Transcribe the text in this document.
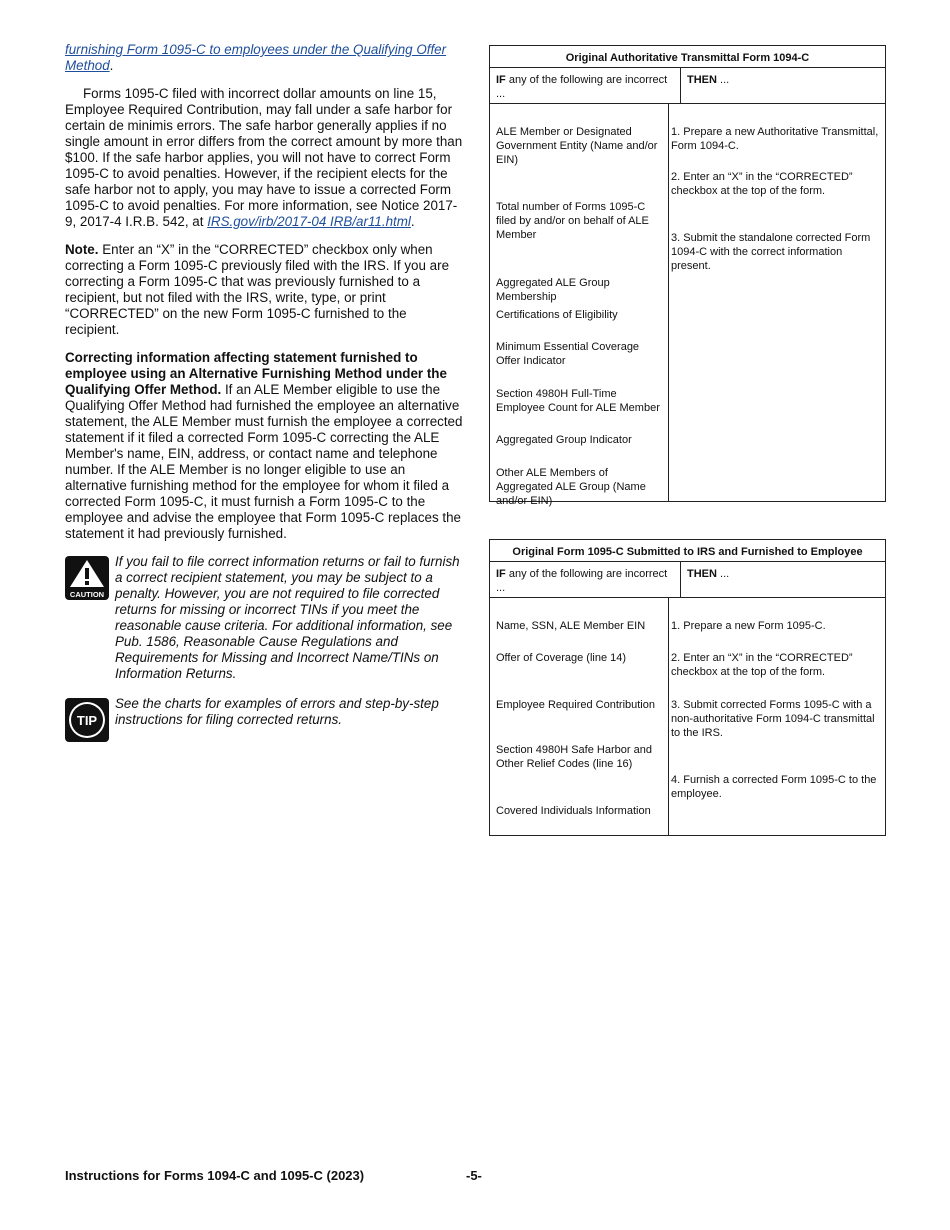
furnishing Form 1095-C to employees under the Qualifying Offer Method.

Forms 1095-C filed with incorrect dollar amounts on line 15, Employee Required Contribution, may fall under a safe harbor for certain de minimis errors. The safe harbor generally applies if no single amount in error differs from the correct amount by more than $100. If the safe harbor applies, you will not have to correct Form 1095-C to avoid penalties. However, if the recipient elects for the safe harbor not to apply, you may have to issue a corrected Form 1095-C to avoid penalties. For more information, see Notice 2017-9, 2017-4 I.R.B. 542, at IRS.gov/irb/2017-04 IRB/ar11.html.

Note. Enter an “X” in the “CORRECTED” checkbox only when correcting a Form 1095-C previously filed with the IRS. If you are correcting a Form 1095-C that was previously furnished to a recipient, but not filed with the IRS, write, type, or print “CORRECTED” on the new Form 1095-C furnished to the recipient.

Correcting information affecting statement furnished to employee using an Alternative Furnishing Method under the Qualifying Offer Method. If an ALE Member eligible to use the Qualifying Offer Method had furnished the employee an alternative statement, the ALE Member must furnish the employee a corrected statement if it filed a corrected Form 1095-C correcting the ALE Member's name, EIN, address, or contact name and telephone number. If the ALE Member is no longer eligible to use an alternative furnishing method for the employee for whom it filed a corrected Form 1095-C, it must furnish a Form 1095-C to the employee and advise the employee that Form 1095-C replaces the statement it had previously furnished.

CAUTION
If you fail to file correct information returns or fail to furnish a correct recipient statement, you may be subject to a penalty. However, you are not required to file corrected returns for missing or incorrect TINs if you meet the reasonable cause criteria. For additional information, see Pub. 1586, Reasonable Cause Regulations and Requirements for Missing and Incorrect Name/TINs on Information Returns.
TIP
See the charts for examples of errors and step-by-step instructions for filing corrected returns.
Original Authoritative Transmittal Form 1094-C
IF any of the following are incorrect ...
THEN ...
ALE Member or Designated Government Entity (Name and/or EIN)
Total number of Forms 1095-C filed by and/or on behalf of ALE Member
Aggregated ALE Group Membership
Certifications of Eligibility
Minimum Essential Coverage Offer Indicator
Section 4980H Full-Time Employee Count for ALE Member
Aggregated Group Indicator
Other ALE Members of Aggregated ALE Group (Name and/or EIN)
1. Prepare a new Authoritative Transmittal, Form 1094-C.
2. Enter an “X” in the “CORRECTED” checkbox at the top of the form.
3. Submit the standalone corrected Form 1094-C with the correct information present.
Original Form 1095-C Submitted to IRS and Furnished to Employee
IF any of the following are incorrect ...
THEN ...
Name, SSN, ALE Member EIN
Offer of Coverage (line 14)
Employee Required Contribution
Section 4980H Safe Harbor and Other Relief Codes (line 16)
Covered Individuals Information
1. Prepare a new Form 1095-C.
2. Enter an “X” in the “CORRECTED” checkbox at the top of the form.
3. Submit corrected Forms 1095-C with a non-authoritative Form 1094-C transmittal to the IRS.
4. Furnish a corrected Form 1095-C to the employee.
Instructions for Forms 1094-C and 1095-C (2023)	-5-
